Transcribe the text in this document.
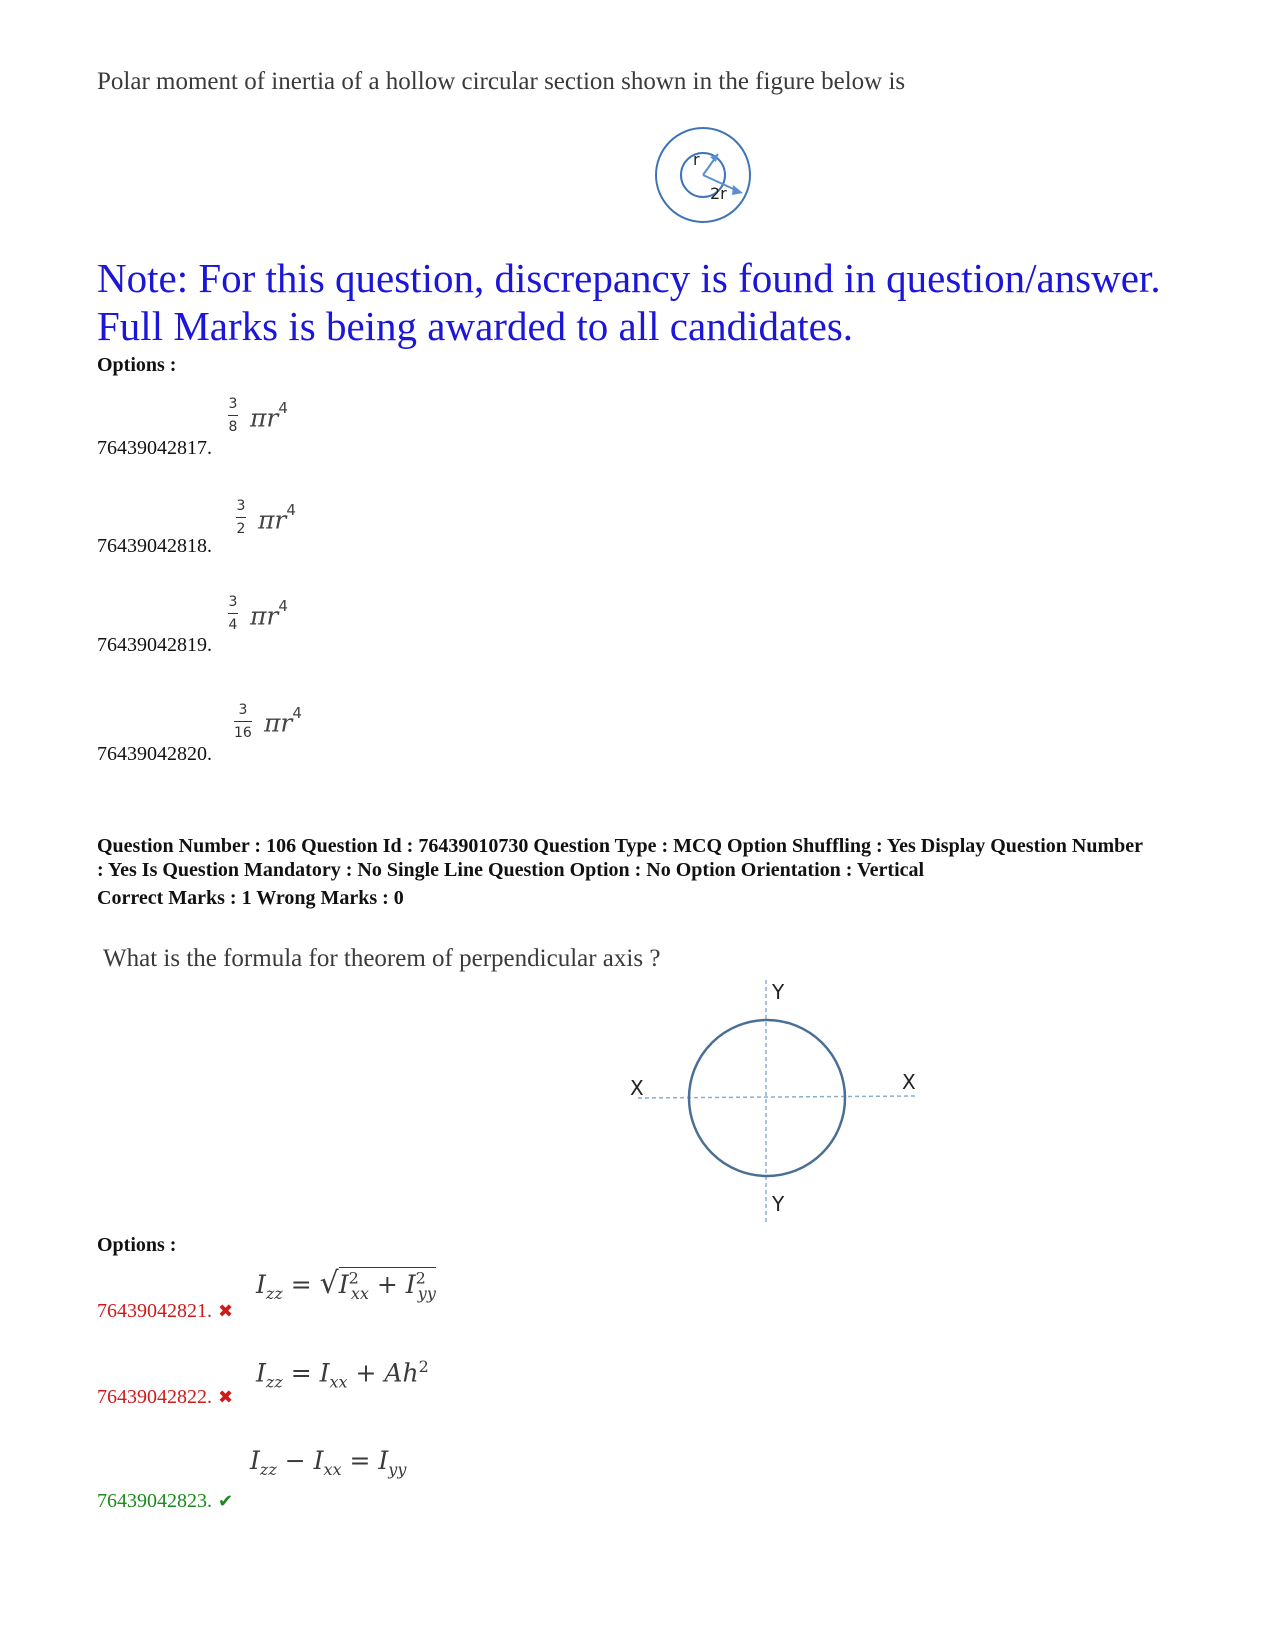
Polar moment of inertia of a hollow circular section shown in the figure below is
r
2r
Note: For this question, discrepancy is found in question/answer.
Full Marks is being awarded to all candidates.
Options :
76439042817.
3
8 $\pi r^4$
76439042818.
3
2 $\pi r^4$
76439042819.
3
4 $\pi r^4$
76439042820.
3
16 $\pi r^4$
Question Number : 106 Question Id : 76439010730 Question Type : MCQ Option Shuffling : Yes Display Question Number
: Yes Is Question Mandatory : No Single Line Question Option : No Option Orientation : Vertical
Correct Marks : 1 Wrong Marks : 0
What is the formula for theorem of perpendicular axis ?
X	X
Y
Y
Options :
76439042821. ✖
$I_{zz} = √I^2_{xx} + I^2_{yy}$
76439042822. ✖
$I_{zz} = I_{xx} + Ah^2$
76439042823. ✔
$I_{zz} - I_{xx} = I_{yy}$
